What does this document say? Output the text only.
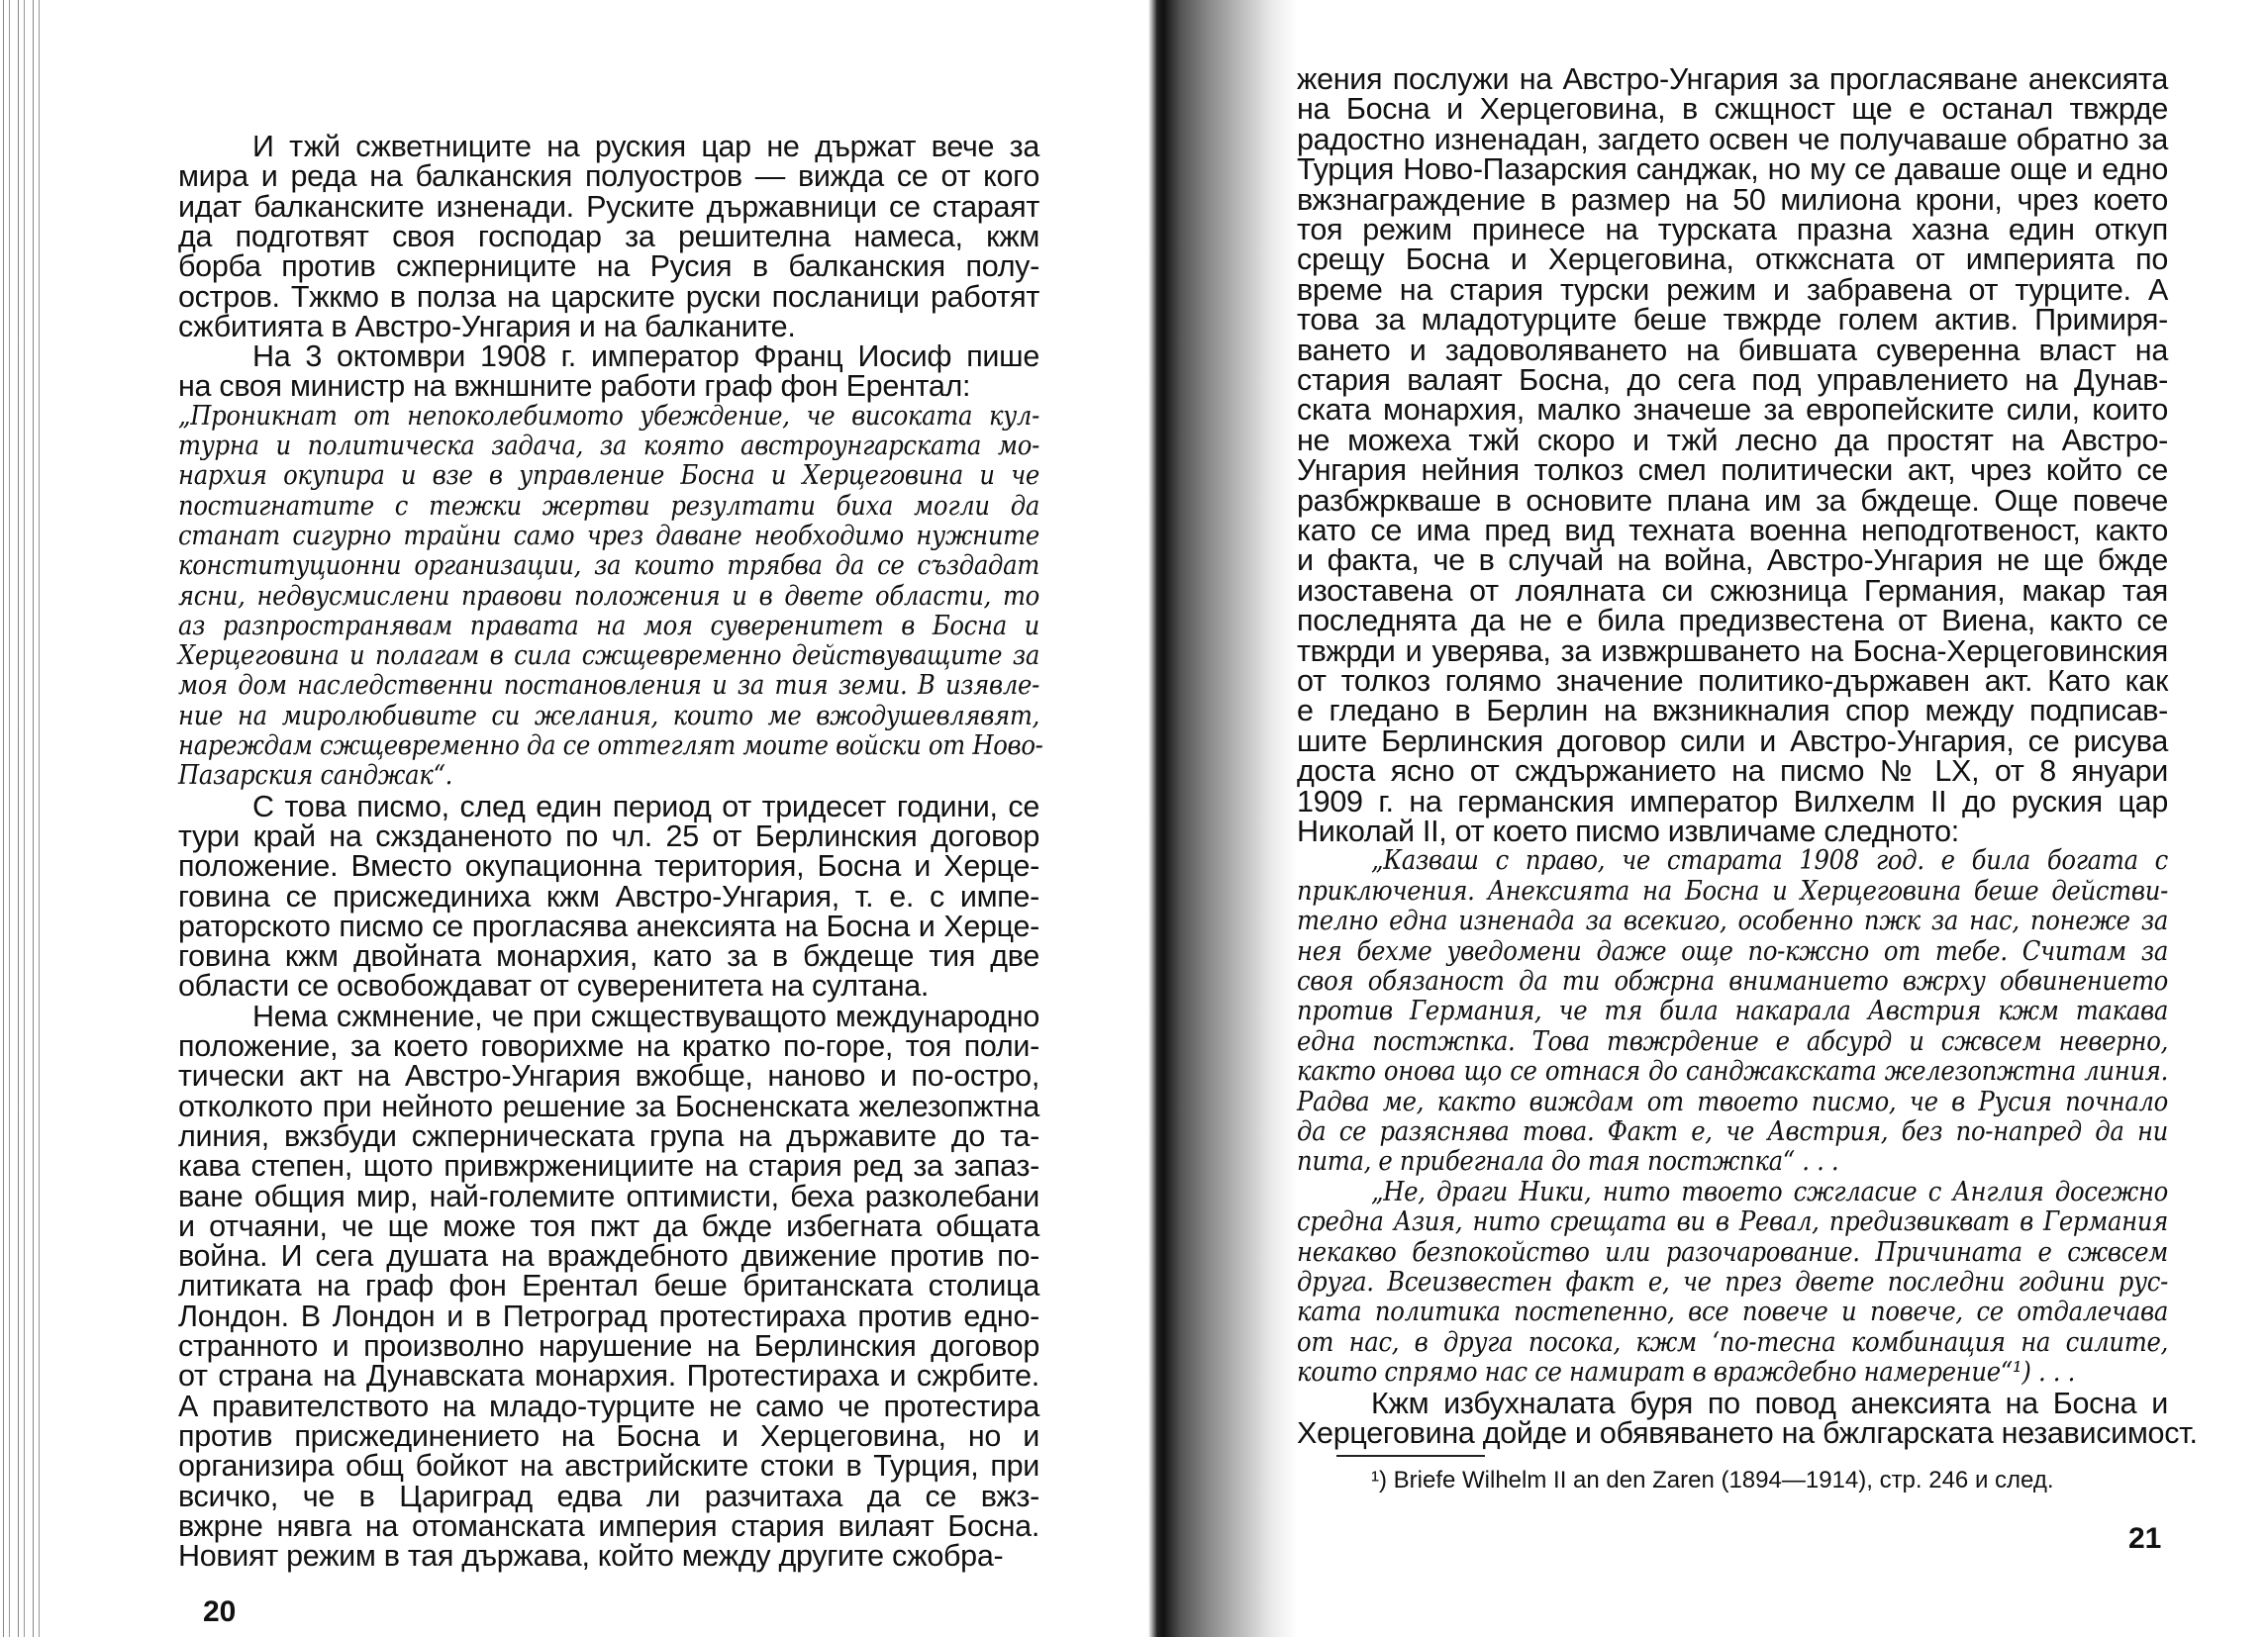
И тжй сжветниците на руския цар не държат вече за
мира и реда на балканския полуостров — вижда се от кого
идат балканските изненади. Руските държавници се стараят
да подготвят своя господар за решителна намеса, кжм
борба против сжперниците на Русия в балканския полу-
остров. Тжкмо в полза на царските руски посланици работят
сжбитията в Австро-Унгария и на балканите.
На 3 октомври 1908 г. император Франц Иосиф пише
на своя министр на вжншните работи граф фон Ерентал:
„Проникнат от непоколебимото убеждение, че високата кул-
турна и политическа задача, за която австроунгарската мо-
нархия окупира и взе в управление Босна и Херцеговина и че
постигнатите с тежки жертви резултати биха могли да
станат сигурно трайни само чрез даване необходимо нужните
конституционни организации, за които трябва да се създадат
ясни, недвусмислени правови положения и в двете области, то
аз разпространявам правата на моя суверенитет в Босна и
Херцеговина и полагам в сила сжщевременно действуващите за
моя дом наследственни постановления и за тия земи. В изявле-
ние на миролюбивите си желания, които ме вжодушевлявят,
нареждам сжщевременно да се оттеглят моите войски от Ново-
Пазарския санджак“.
С това писмо, след един период от тридесет години, се
тури край на сжзданеното по чл. 25 от Берлинския договор
положение. Вместо окупационна територия, Босна и Херце-
говина се присжединиха кжм Австро-Унгария, т. е. с импе-
раторското писмо се прогласява анексията на Босна и Херце-
говина кжм двойната монархия, като за в бждеще тия две
области се освобождават от суверенитета на султана.
Нема сжмнение, че при сжществуващото международно
положение, за което говорихме на кратко по-горе, тоя поли-
тически акт на Австро-Унгария вжобще, наново и по-остро,
отколкото при нейното решение за Босненската железопжтна
линия, вжзбуди сжперническата група на държавите до та-
кава степен, щото привжрженициите на стария ред за запаз-
ване общия мир, най-големите оптимисти, беха разколебани
и отчаяни, че ще може тоя пжт да бжде избегната общата
война. И сега душата на враждебното движение против по-
литиката на граф фон Ерентал беше британската столица
Лондон. В Лондон и в Петроград протестираха против едно-
странното и произволно нарушение на Берлинския договор
от страна на Дунавската монархия. Протестираха и сжрбите.
А правителството на младо-турците не само че протестира
против присжединението на Босна и Херцеговина, но и
организира общ бойкот на австрийските стоки в Турция, при
всичко, че в Цариград едва ли разчитаха да се вжз-
вжрне нявга на отоманската империя стария вилаят Босна.
Новият режим в тая държава, който между другите сжобра-
жения послужи на Австро-Унгария за прогласяване анексията
на Босна и Херцеговина, в сжщност ще е останал твжрде
радостно изненадан, загдето освен че получаваше обратно за
Турция Ново-Пазарския санджак, но му се даваше още и едно
вжзнаграждение в размер на 50 милиона крони, чрез което
тоя режим принесе на турската празна хазна един откуп
срещу Босна и Херцеговина, откжсната от империята по
време на стария турски режим и забравена от турците. А
това за младотурците беше твжрде голем актив. Примиря-
ването и задоволяването на бившата суверенна власт на
стария валаят Босна, до сега под управлението на Дунав-
ската монархия, малко значеше за европейските сили, които
не можеха тжй скоро и тжй лесно да простят на Австро-
Унгария нейния толкоз смел политически акт, чрез който се
разбжркваше в основите плана им за бждеще. Още повече
като се има пред вид техната военна неподготвеност, както
и факта, че в случай на война, Австро-Унгария не ще бжде
изоставена от лоялната си сжюзница Германия, макар тая
последнята да не е била предизвестена от Виена, както се
твжрди и уверява, за извжршването на Босна-Херцеговинския
от толкоз голямо значение политико-държавен акт. Като как
е гледано в Берлин на вжзникналия спор между подписав-
шите Берлинския договор сили и Австро-Унгария, се рисува
доста ясно от сждържанието на писмо № LX, от 8 януари
1909 г. на германския император Вилхелм II до руския цар
Николай II, от което писмо извличаме следното:
„Казваш с право, че старата 1908 год. е била богата с
приключения. Анексията на Босна и Херцеговина беше действи-
телно една изненада за всекиго, особенно пжк за нас, понеже за
нея бехме уведомени даже още по-кжсно от тебе. Считам за
своя обязаност да ти обжрна вниманието вжрху обвинението
против Германия, че тя била накарала Австрия кжм такава
една постжпка. Това твжрдение е абсурд и сжвсем неверно,
както онова що се отнася до санджакската железопжтна линия.
Радва ме, както виждам от твоето писмо, че в Русия почнало
да се разяснява това. Факт е, че Австрия, без по-напред да ни
пита, е прибегнала до тая постжпка“ . . .
„Не, драги Ники, нито твоето сжгласие с Англия досежно
средна Азия, нито срещата ви в Ревал, предизвикват в Германия
некакво безпокойство или разочарование. Причината е сжвсем
друга. Всеизвестен факт е, че през двете последни години рус-
ката политика постепенно, все повече и повече, се отдалечава
от нас, в друга посока, кжм ‘по-тесна комбинация на силите,
които спрямо нас се намират в враждебно намерение“¹) . . .
Кжм избухналата буря по повод анексията на Босна и
Херцеговина дойде и обявяването на бжлгарската независимост.
¹) Briefe Wilhelm II an den Zaren (1894—1914), стр. 246 и след.
20
21
